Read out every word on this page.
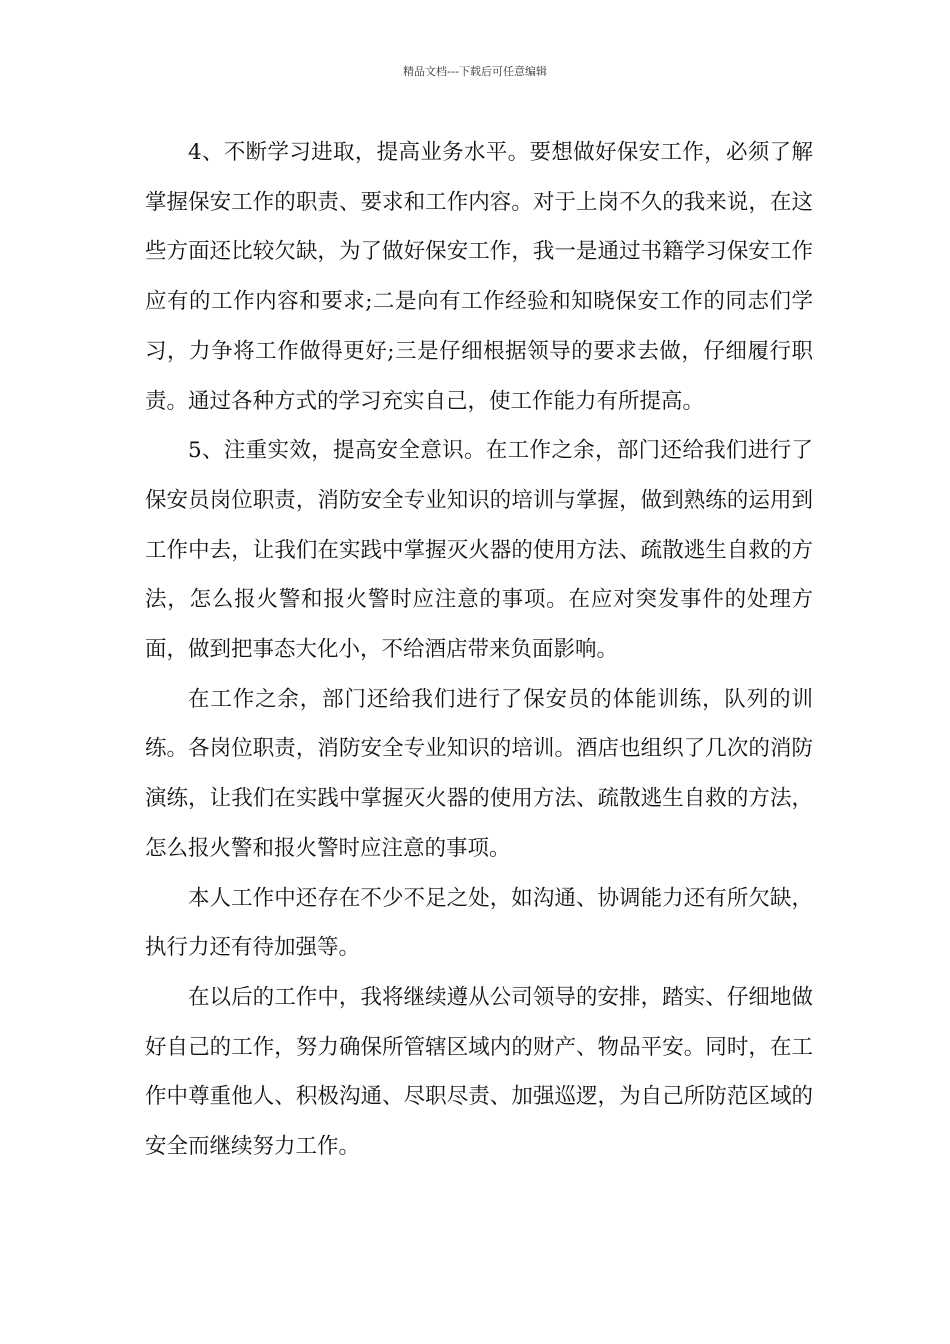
精品文档---下载后可任意编辑

4、不断学习进取，提高业务水平。要想做好保安工作，必须了解掌握保安工作的职责、要求和工作内容。对于上岗不久的我来说，在这些方面还比较欠缺，为了做好保安工作，我一是通过书籍学习保安工作应有的工作内容和要求;二是向有工作经验和知晓保安工作的同志们学习，力争将工作做得更好;三是仔细根据领导的要求去做，仔细履行职责。通过各种方式的学习充实自己，使工作能力有所提高。

5、注重实效，提高安全意识。在工作之余，部门还给我们进行了保安员岗位职责，消防安全专业知识的培训与掌握，做到熟练的运用到工作中去，让我们在实践中掌握灭火器的使用方法、疏散逃生自救的方法，怎么报火警和报火警时应注意的事项。在应对突发事件的处理方面，做到把事态大化小，不给酒店带来负面影响。

在工作之余，部门还给我们进行了保安员的体能训练，队列的训练。各岗位职责，消防安全专业知识的培训。酒店也组织了几次的消防演练，让我们在实践中掌握灭火器的使用方法、疏散逃生自救的方法，怎么报火警和报火警时应注意的事项。

本人工作中还存在不少不足之处，如沟通、协调能力还有所欠缺，执行力还有待加强等。

在以后的工作中，我将继续遵从公司领导的安排，踏实、仔细地做好自己的工作，努力确保所管辖区域内的财产、物品平安。同时，在工作中尊重他人、积极沟通、尽职尽责、加强巡逻，为自己所防范区域的安全而继续努力工作。
